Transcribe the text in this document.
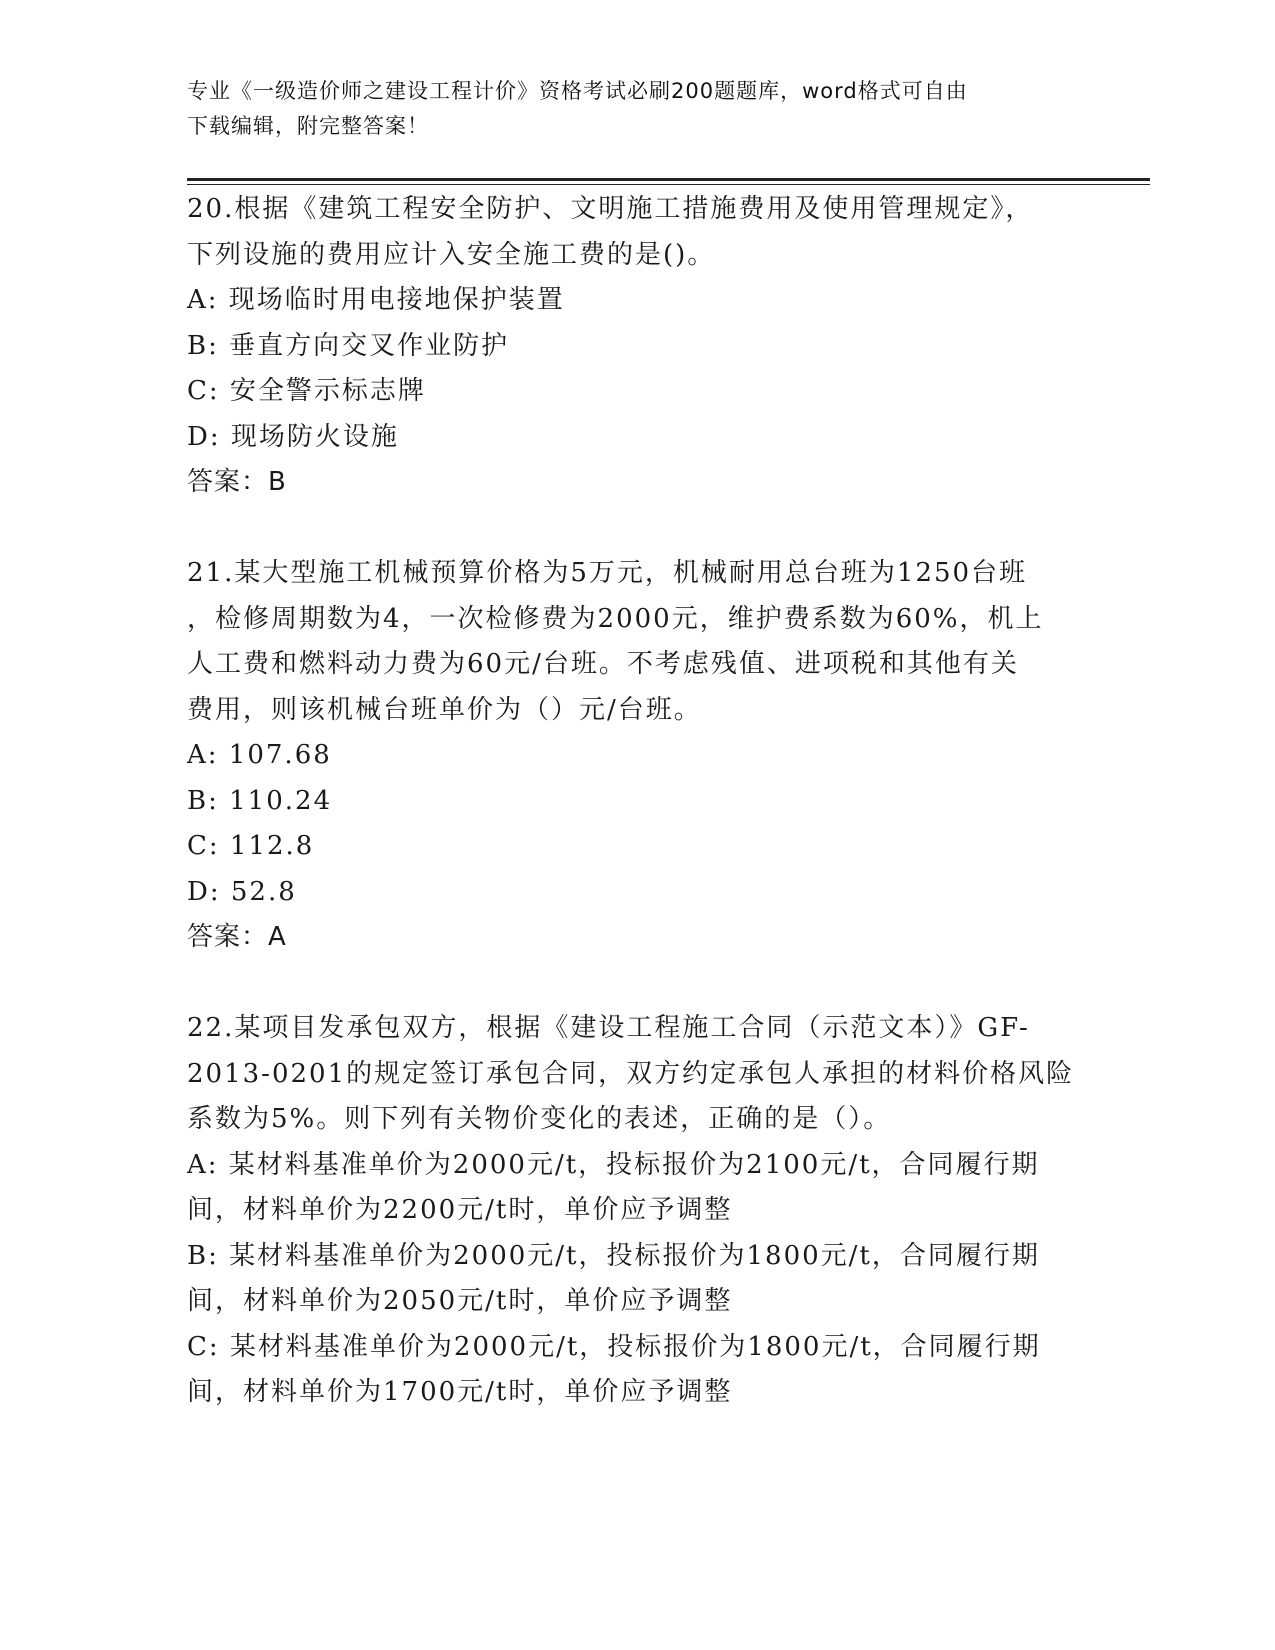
专业《一级造价师之建设工程计价》资格考试必刷200题题库，word格式可自由
下载编辑，附完整答案！
20.根据《建筑工程安全防护、文明施工措施费用及使用管理规定》，
下列设施的费用应计入安全施工费的是()。
A: 现场临时用电接地保护装置
B: 垂直方向交叉作业防护
C: 安全警示标志牌
D: 现场防火设施
答案：B
21.某大型施工机械预算价格为5万元，机械耐用总台班为1250台班
，检修周期数为4，一次检修费为2000元，维护费系数为60%，机上
人工费和燃料动力费为60元/台班。不考虑残值、进项税和其他有关
费用，则该机械台班单价为（）元/台班。
A: 107.68
B: 110.24
C: 112.8
D: 52.8
答案：A
22.某项目发承包双方，根据《建设工程施工合同（示范文本）》GF-
2013-0201的规定签订承包合同，双方约定承包人承担的材料价格风险
系数为5%。则下列有关物价变化的表述，正确的是（）。
A: 某材料基准单价为2000元/t，投标报价为2100元/t，合同履行期
间，材料单价为2200元/t时，单价应予调整
B: 某材料基准单价为2000元/t，投标报价为1800元/t，合同履行期
间，材料单价为2050元/t时，单价应予调整
C: 某材料基准单价为2000元/t，投标报价为1800元/t，合同履行期
间，材料单价为1700元/t时，单价应予调整
